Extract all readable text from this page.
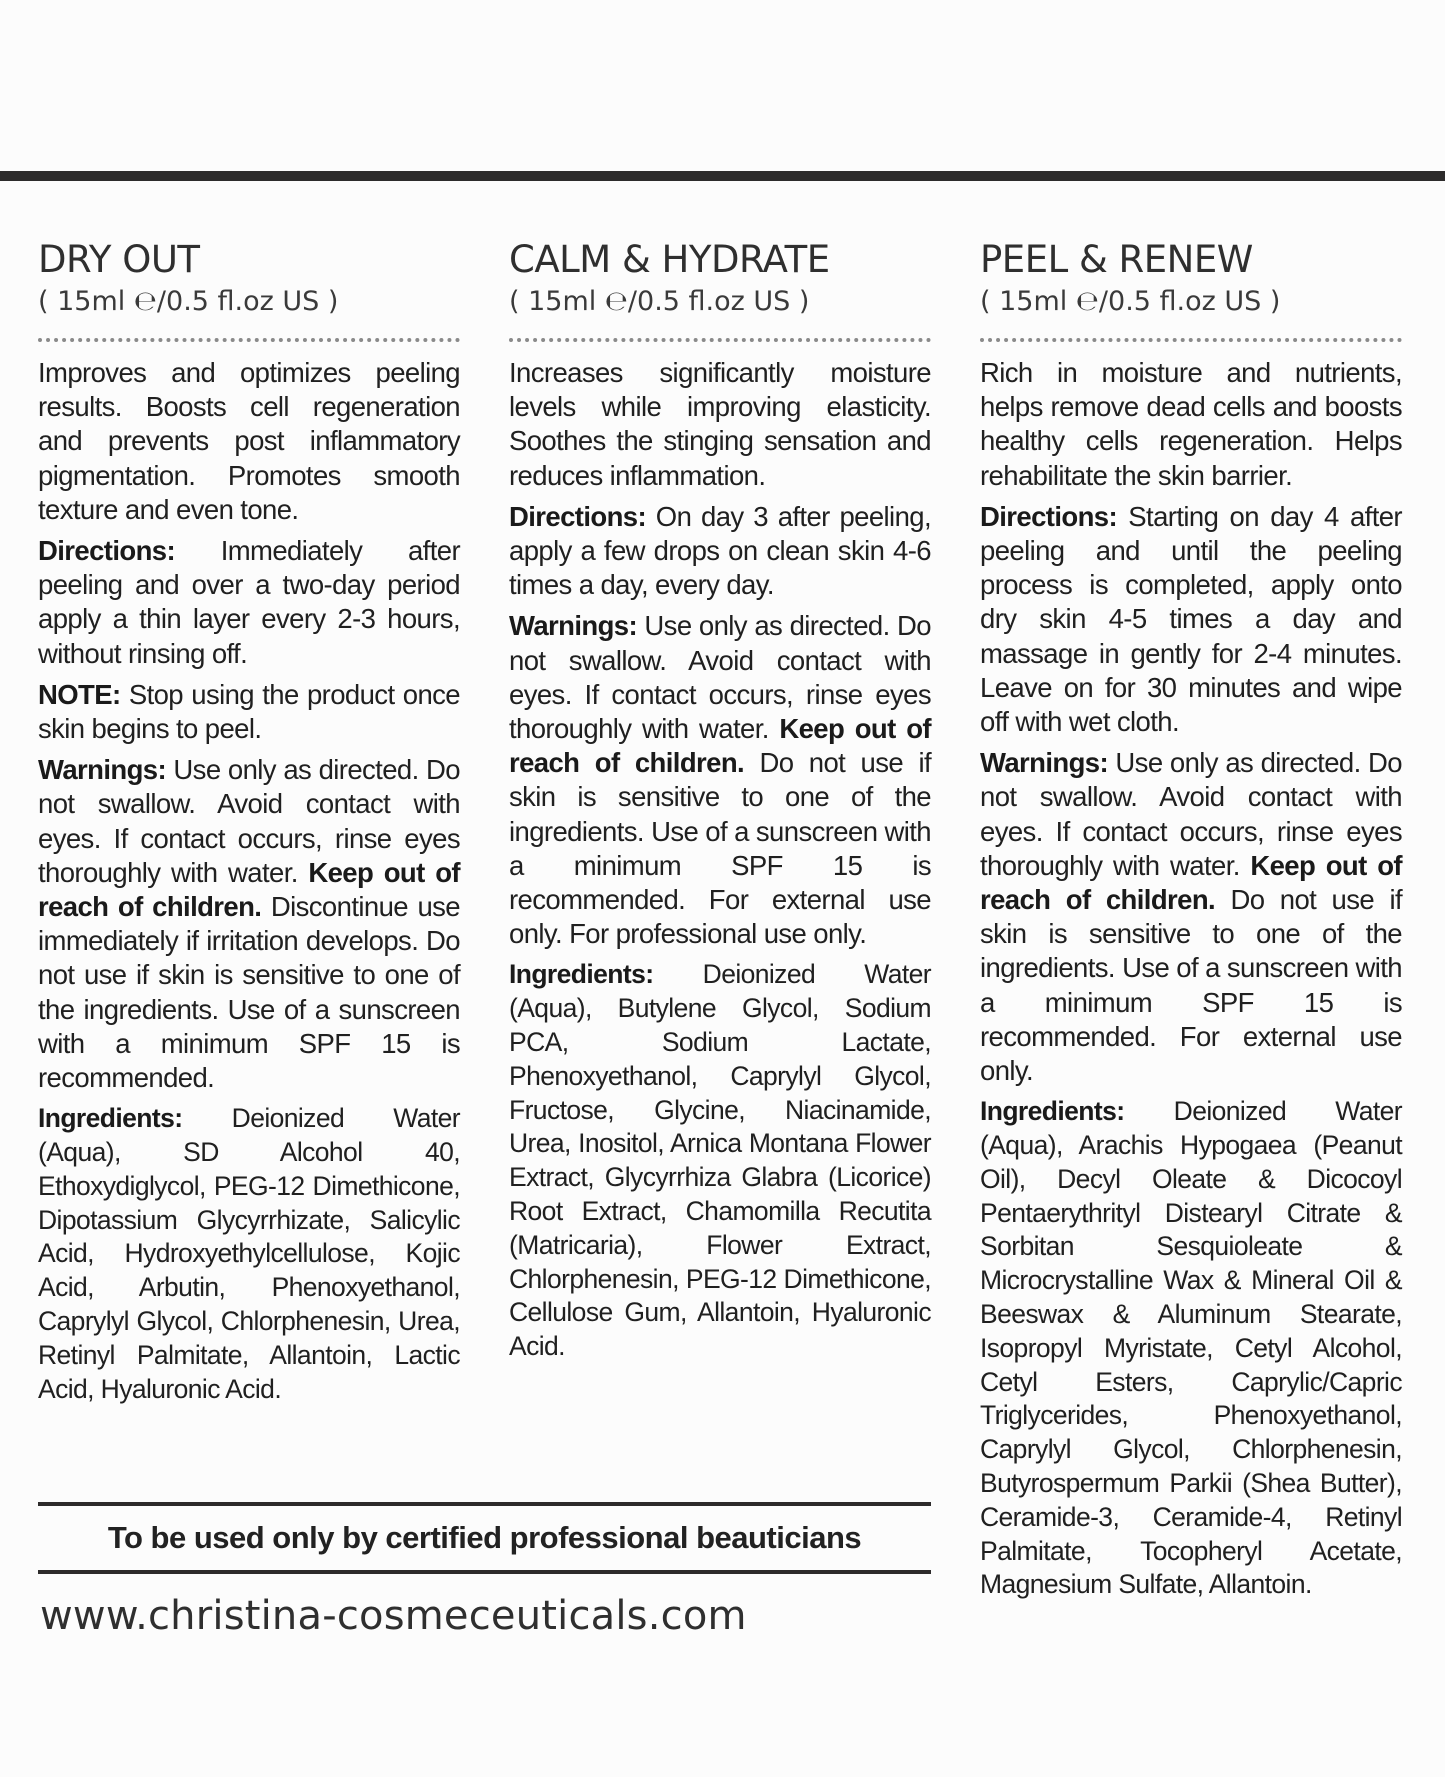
DRY OUT
( 15ml ℮/0.5 fl.oz US )

Improves and optimizes peeling results. Boosts cell regeneration and prevents post inflammatory pigmentation. Promotes smooth texture and even tone.

Directions: Immediately after peeling and over a two-day period apply a thin layer every 2-3 hours, without rinsing off.

NOTE: Stop using the product once skin begins to peel.

Warnings: Use only as directed. Do not swallow. Avoid contact with eyes. If contact occurs, rinse eyes thoroughly with water. Keep out of reach of children. Discontinue use immediately if irritation develops. Do not use if skin is sensitive to one of the ingredients. Use of a sunscreen with a minimum SPF 15 is recommended.

Ingredients: Deionized Water (Aqua), SD Alcohol 40, Ethoxydiglycol, PEG-12 Dimethicone, Dipotassium Glycyrrhizate, Salicylic Acid, Hydroxyethylcellulose, Kojic Acid, Arbutin, Phenoxyethanol, Caprylyl Glycol, Chlorphenesin, Urea, Retinyl Palmitate, Allantoin, Lactic Acid, Hyaluronic Acid.

CALM & HYDRATE
( 15ml ℮/0.5 fl.oz US )

Increases significantly moisture levels while improving elasticity. Soothes the stinging sensation and reduces inflammation.

Directions: On day 3 after peeling, apply a few drops on clean skin 4-6 times a day, every day.

Warnings: Use only as directed. Do not swallow. Avoid contact with eyes. If contact occurs, rinse eyes thoroughly with water. Keep out of reach of children. Do not use if skin is sensitive to one of the ingredients. Use of a sunscreen with a minimum SPF 15 is recommended. For external use only. For professional use only.

Ingredients: Deionized Water (Aqua), Butylene Glycol, Sodium PCA, Sodium Lactate, Phenoxyethanol, Caprylyl Glycol, Fructose, Glycine, Niacinamide, Urea, Inositol, Arnica Montana Flower Extract, Glycyrrhiza Glabra (Licorice) Root Extract, Chamomilla Recutita (Matricaria), Flower Extract, Chlorphenesin, PEG-12 Dimethicone, Cellulose Gum, Allantoin, Hyaluronic Acid.

PEEL & RENEW
( 15ml ℮/0.5 fl.oz US )

Rich in moisture and nutrients, helps remove dead cells and boosts healthy cells regeneration. Helps rehabilitate the skin barrier.

Directions: Starting on day 4 after peeling and until the peeling process is completed, apply onto dry skin 4-5 times a day and massage in gently for 2-4 minutes. Leave on for 30 minutes and wipe off with wet cloth.

Warnings: Use only as directed. Do not swallow. Avoid contact with eyes. If contact occurs, rinse eyes thoroughly with water. Keep out of reach of children. Do not use if skin is sensitive to one of the ingredients. Use of a sunscreen with a minimum SPF 15 is recommended. For external use only.

Ingredients: Deionized Water (Aqua), Arachis Hypogaea (Peanut Oil), Decyl Oleate & Dicocoyl Pentaerythrityl Distearyl Citrate & Sorbitan Sesquioleate & Microcrystalline Wax & Mineral Oil & Beeswax & Aluminum Stearate, Isopropyl Myristate, Cetyl Alcohol, Cetyl Esters, Caprylic/Capric Triglycerides, Phenoxyethanol, Caprylyl Glycol, Chlorphenesin, Butyrospermum Parkii (Shea Butter), Ceramide-3, Ceramide-4, Retinyl Palmitate, Tocopheryl Acetate, Magnesium Sulfate, Allantoin.

To be used only by certified professional beauticians
www.christina-cosmeceuticals.com
